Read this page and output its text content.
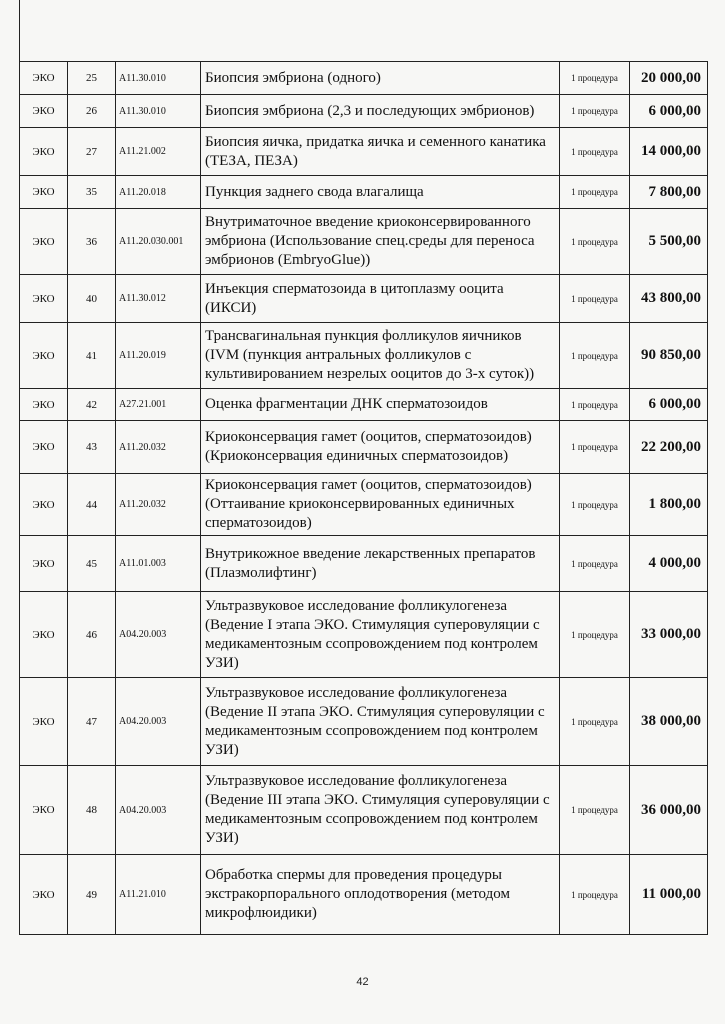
ЭКО	25	A11.30.010	Биопсия эмбриона (одного)	1 процедура	20 000,00
ЭКО	26	A11.30.010	Биопсия эмбриона (2,3 и последующих эмбрионов)	1 процедура	6 000,00
ЭКО	27	A11.21.002	Биопсия яичка, придатка яичка и семенного канатика (ТЕЗА, ПЕЗА)	1 процедура	14 000,00
ЭКО	35	A11.20.018	Пункция заднего свода влагалища	1 процедура	7 800,00
ЭКО	36	A11.20.030.001	Внутриматочное введение криоконсервированного эмбриона (Использование спец.среды для переноса эмбрионов (EmbryoGlue))	1 процедура	5 500,00
ЭКО	40	A11.30.012	Инъекция сперматозоида в цитоплазму ооцита (ИКСИ)	1 процедура	43 800,00
ЭКО	41	A11.20.019	Трансвагинальная пункция фолликулов яичников (IVM (пункция антральных фолликулов с культивированием незрелых ооцитов до 3-х суток))	1 процедура	90 850,00
ЭКО	42	A27.21.001	Оценка фрагментации ДНК сперматозоидов	1 процедура	6 000,00
ЭКО	43	A11.20.032	Криоконсервация гамет (ооцитов, сперматозоидов) (Криоконсервация единичных сперматозоидов)	1 процедура	22 200,00
ЭКО	44	A11.20.032	Криоконсервация гамет (ооцитов, сперматозоидов) (Оттаивание криоконсервированных единичных сперматозоидов)	1 процедура	1 800,00
ЭКО	45	A11.01.003	Внутрикожное введение лекарственных препаратов (Плазмолифтинг)	1 процедура	4 000,00
ЭКО	46	A04.20.003	Ультразвуковое исследование фолликулогенеза (Ведение I этапа ЭКО. Стимуляция суперовуляции с медикаментозным ссопровождением под контролем УЗИ)	1 процедура	33 000,00
ЭКО	47	A04.20.003	Ультразвуковое исследование фолликулогенеза (Ведение II этапа ЭКО. Стимуляция суперовуляции с медикаментозным ссопровождением под контролем УЗИ)	1 процедура	38 000,00
ЭКО	48	A04.20.003	Ультразвуковое исследование фолликулогенеза (Ведение III этапа ЭКО. Стимуляция суперовуляции с медикаментозным ссопровождением под контролем УЗИ)	1 процедура	36 000,00
ЭКО	49	A11.21.010	Обработка спермы для проведения процедуры экстракорпорального оплодотворения (методом микрофлюидики)	1 процедура	11 000,00
42
